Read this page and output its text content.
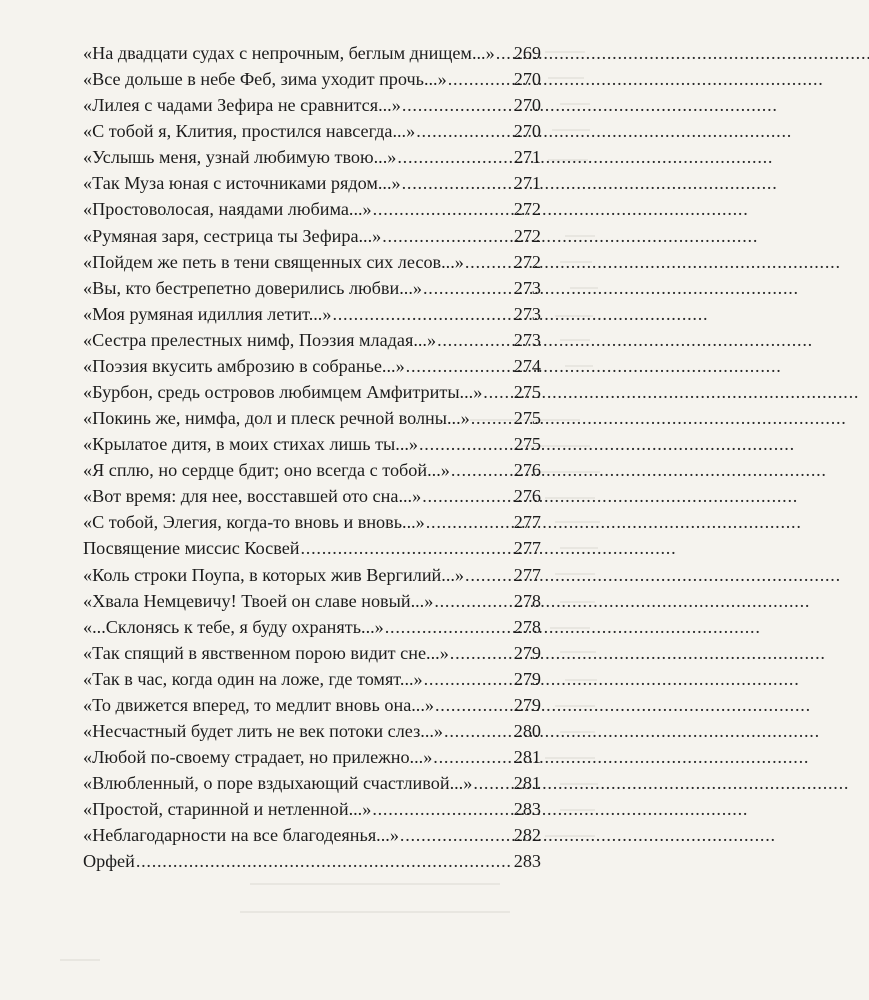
«На двадцати судах с непрочным, беглым днищем...» . . . 269
«Все дольше в небе Феб, зима уходит прочь...» . . .	270
«Лилея с чадами Зефира не сравнится...» . . .	270
«С тобой я, Клития, простился навсегда...» . . .	270
«Услышь меня, узнай любимую твою...» . . .	271
«Так Муза юная с источниками рядом...» . . .	271
«Простоволосая, наядами любима...» . . .	272
«Румяная заря, сестрица ты Зефира...» . . .	272
«Пойдем же петь в тени священных сих лесов...» . . .	272
«Вы, кто бестрепетно доверились любви...» . . .	273
«Моя румяная идиллия летит...» . . .	273
«Сестра прелестных нимф, Поэзия младая...» . . .	273
«Поэзия вкусить амброзию в собранье...» . . .	274
«Бурбон, средь островов любимцем Амфитриты...» . . . 275
«Покинь же, нимфа, дол и плеск речной волны...» . . . 275
«Крылатое дитя, в моих стихах лишь ты...» . . .	275
«Я сплю, но сердце бдит; оно всегда с тобой...» . . .	276
«Вот время: для нее, восставшей ото сна...» . . .	276
«С тобой, Элегия, когда-то вновь и вновь...» . . .	277
Посвящение миссис Косвей . . .	277
«Коль строки Поупа, в которых жив Вергилий...» . . .	277
«Хвала Немцевичу! Твоей он славе новый...» . . .	278
«...Склонясь к тебе, я буду охранять...» . . .	278
«Так спящий в явственном порою видит сне...» . . .	279
«Так в час, когда один на ложе, где томят...» . . .	279
«То движется вперед, то медлит вновь она...» . . .	279
«Несчастный будет лить не век потоки слез...» . . .	280
«Любой по-своему страдает, но прилежно...» . . .	281
«Влюбленный, о поре вздыхающий счастливой...» . . . 281
«Простой, старинной и нетленной...» . . .	283
«Неблагодарности на все благодеянья...» . . .	282
Орфей . . .	283
